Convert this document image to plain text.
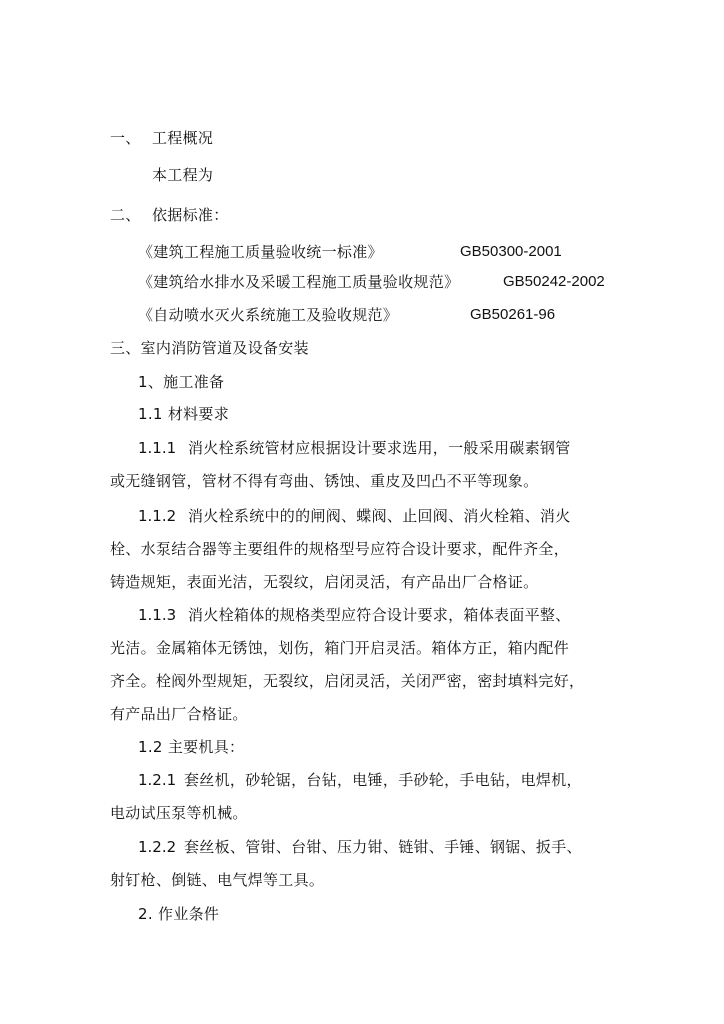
一、 工程概况
本工程为
二、 依据标准：
《建筑工程施工质量验收统一标准》	GB50300-2001
《建筑给水排水及采暖工程施工质量验收规范》	GB50242-2002
《自动喷水灭火系统施工及验收规范》	GB50261-96
三、室内消防管道及设备安装
1、施工准备
1.1 材料要求
1.1.1 消火栓系统管材应根据设计要求选用，一般采用碳素钢管
或无缝钢管，管材不得有弯曲、锈蚀、重皮及凹凸不平等现象。
1.1.2 消火栓系统中的的闸阀、蝶阀、止回阀、消火栓箱、消火
栓、水泵结合器等主要组件的规格型号应符合设计要求，配件齐全，
铸造规矩，表面光洁，无裂纹，启闭灵活，有产品出厂合格证。
1.1.3 消火栓箱体的规格类型应符合设计要求，箱体表面平整、
光洁。金属箱体无锈蚀，划伤，箱门开启灵活。箱体方正，箱内配件
齐全。栓阀外型规矩，无裂纹，启闭灵活，关闭严密，密封填料完好，
有产品出厂合格证。
1.2 主要机具：
1.2.1 套丝机，砂轮锯，台钻，电锤，手砂轮，手电钻，电焊机，
电动试压泵等机械。
1.2.2 套丝板、管钳、台钳、压力钳、链钳、手锤、钢锯、扳手、
射钉枪、倒链、电气焊等工具。
2. 作业条件
